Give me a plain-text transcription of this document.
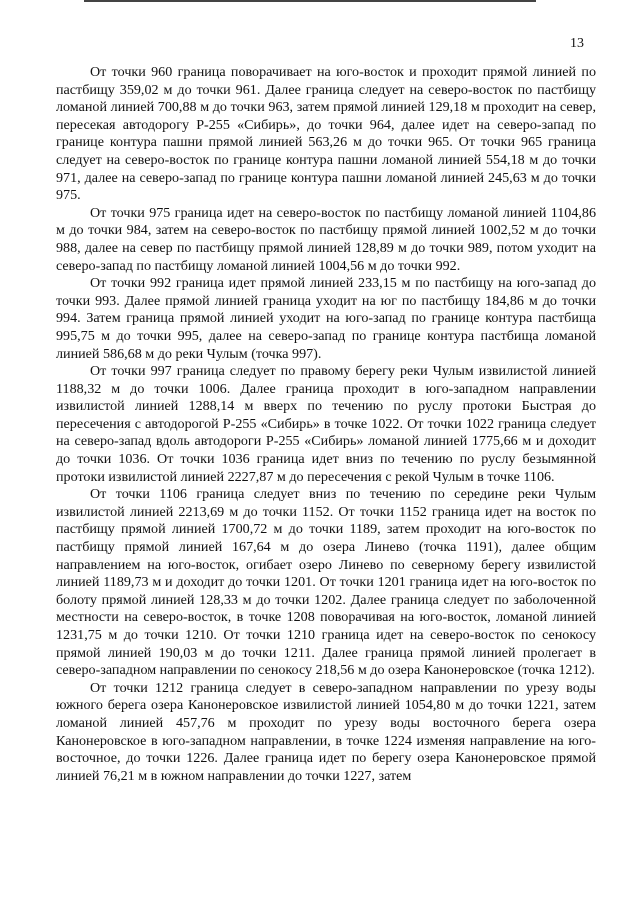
13

От точки 960 граница поворачивает на юго-восток и проходит прямой линией по пастбищу 359,02 м до точки 961. Далее граница следует на северо-восток по пастбищу ломаной линией 700,88 м до точки 963, затем прямой линией 129,18 м проходит на север, пересекая автодорогу Р-255 «Сибирь», до точки 964, далее идет на северо-запад по границе контура пашни прямой линией 563,26 м до точки 965. От точки 965 граница следует на северо-восток по границе контура пашни ломаной линией 554,18 м до точки 971, далее на северо-запад по границе контура пашни ломаной линией 245,63 м до точки 975.

От точки 975 граница идет на северо-восток по пастбищу ломаной линией 1104,86 м до точки 984, затем на северо-восток по пастбищу прямой линией 1002,52 м до точки 988, далее на север по пастбищу прямой линией 128,89 м до точки 989, потом уходит на северо-запад по пастбищу ломаной линией 1004,56 м до точки 992.

От точки 992 граница идет прямой линией 233,15 м по пастбищу на юго-запад до точки 993. Далее прямой линией граница уходит на юг по пастбищу 184,86 м до точки 994. Затем граница прямой линией уходит на юго-запад по границе контура пастбища 995,75 м до точки 995, далее на северо-запад по границе контура пастбища ломаной линией 586,68 м до реки Чулым (точка 997).

От точки 997 граница следует по правому берегу реки Чулым извилистой линией 1188,32 м до точки 1006. Далее граница проходит в юго-западном направлении извилистой линией 1288,14 м вверх по течению по руслу протоки Быстрая до пересечения с автодорогой Р-255 «Сибирь» в точке 1022. От точки 1022 граница следует на северо-запад вдоль автодороги Р-255 «Сибирь» ломаной линией 1775,66 м и доходит до точки 1036. От точки 1036 граница идет вниз по течению по руслу безымянной протоки извилистой линией 2227,87 м до пересечения с рекой Чулым в точке 1106.

От точки 1106 граница следует вниз по течению по середине реки Чулым извилистой линией 2213,69 м до точки 1152. От точки 1152 граница идет на восток по пастбищу прямой линией 1700,72 м до точки 1189, затем проходит на юго-восток по пастбищу прямой линией 167,64 м до озера Линево (точка 1191), далее общим направлением на юго-восток, огибает озеро Линево по северному берегу извилистой линией 1189,73 м и доходит до точки 1201. От точки 1201 граница идет на юго-восток по болоту прямой линией 128,33 м до точки 1202. Далее граница следует по заболоченной местности на северо-восток, в точке 1208 поворачивая на юго-восток, ломаной линией 1231,75 м до точки 1210. От точки 1210 граница идет на северо-восток по сенокосу прямой линией 190,03 м до точки 1211. Далее граница прямой линией пролегает в северо-западном направлении по сенокосу 218,56 м до озера Канонеровское (точка 1212).

От точки 1212 граница следует в северо-западном направлении по урезу воды южного берега озера Канонеровское извилистой линией 1054,80 м до точки 1221, затем ломаной линией 457,76 м проходит по урезу воды восточного берега озера Канонеровское в юго-западном направлении, в точке 1224 изменяя направление на юго-восточное, до точки 1226. Далее граница идет по берегу озера Канонеровское прямой линией 76,21 м в южном направлении до точки 1227, затем
